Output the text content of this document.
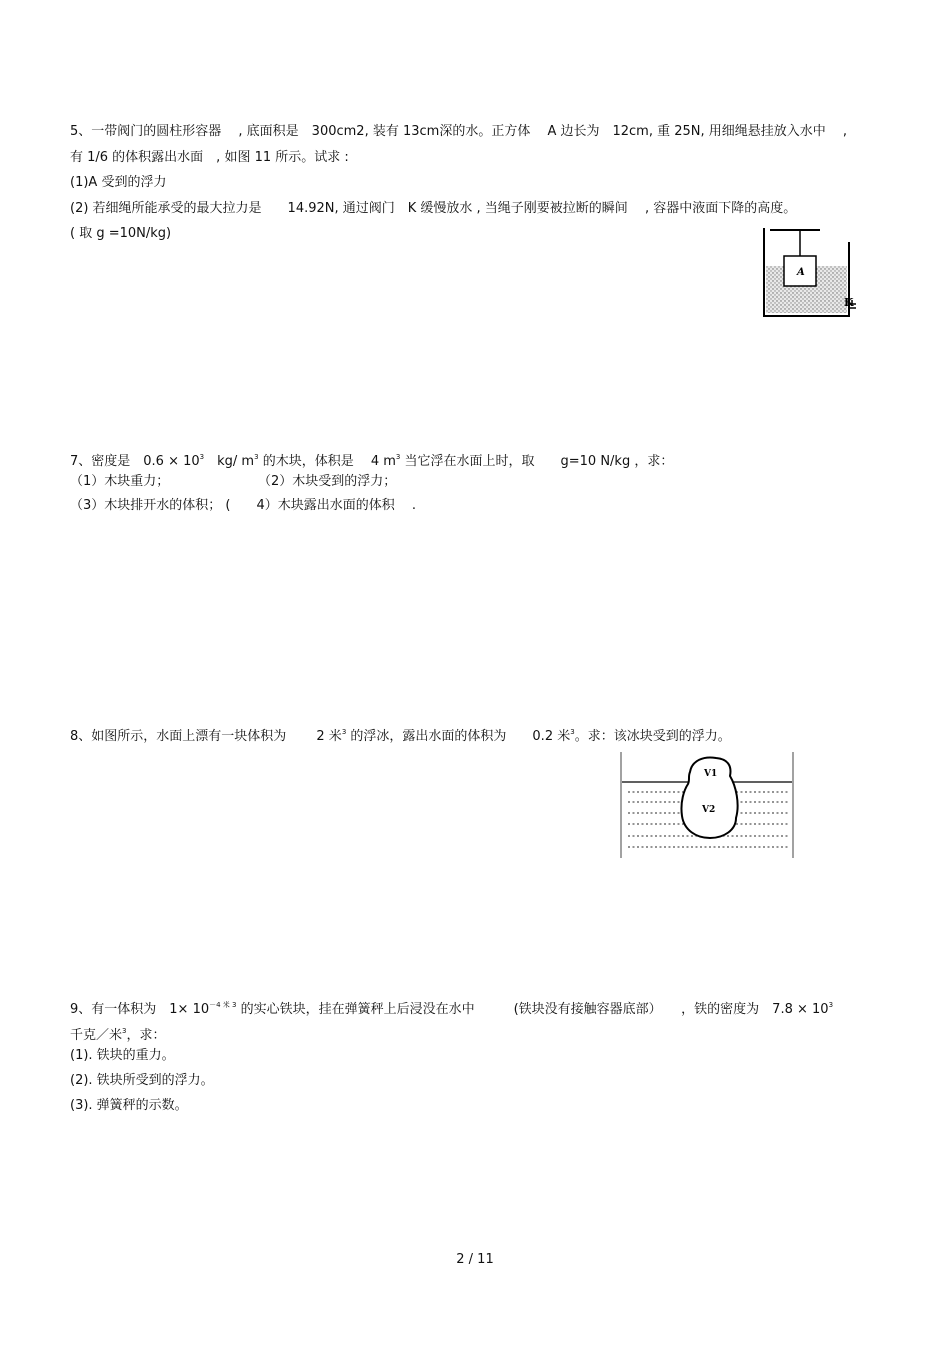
5、一带阀门的圆柱形容器　 , 底面积是　300cm2, 装有 13cm深的水。正方体　 A 边长为　12cm, 重 25N, 用细绳悬挂放入水中　 ,
有 1/6 的体积露出水面　, 如图 11 所示。试求 :
(1)A 受到的浮力
(2) 若细绳所能承受的最大拉力是　　14.92N, 通过阀门　K 缓慢放水 , 当绳子刚要被拉断的瞬间　 , 容器中液面下降的高度。
( 取 g =10N/kg)
A
K
7、密度是　$0.6 \times 10^3$　kg/ $m^3$ 的木块，体积是　 4 $m^3$ 当它浮在水面上时，取　　g=10 N/kg ，求：
（1）木块重力；	（2）木块受到的浮力；
（3）木块排开水的体积； (　　4）木块露出水面的体积　 .
8、如图所示，水面上漂有一块体积为　　 2 米$^3$ 的浮冰，露出水面的体积为　　0.2 米$^3$。求：该冰块受到的浮力。
V1
V2
9、有一体积为　$1\times 10^{-4 米 3}$ 的实心铁块，挂在弹簧秤上后浸没在水中　　　(铁块没有接触容器底部）　　，铁的密度为　$7.8 \times 10^3$
千克／米$^3$，求：
(1). 铁块的重力。
(2). 铁块所受到的浮力。
(3). 弹簧秤的示数。
2 / 11
